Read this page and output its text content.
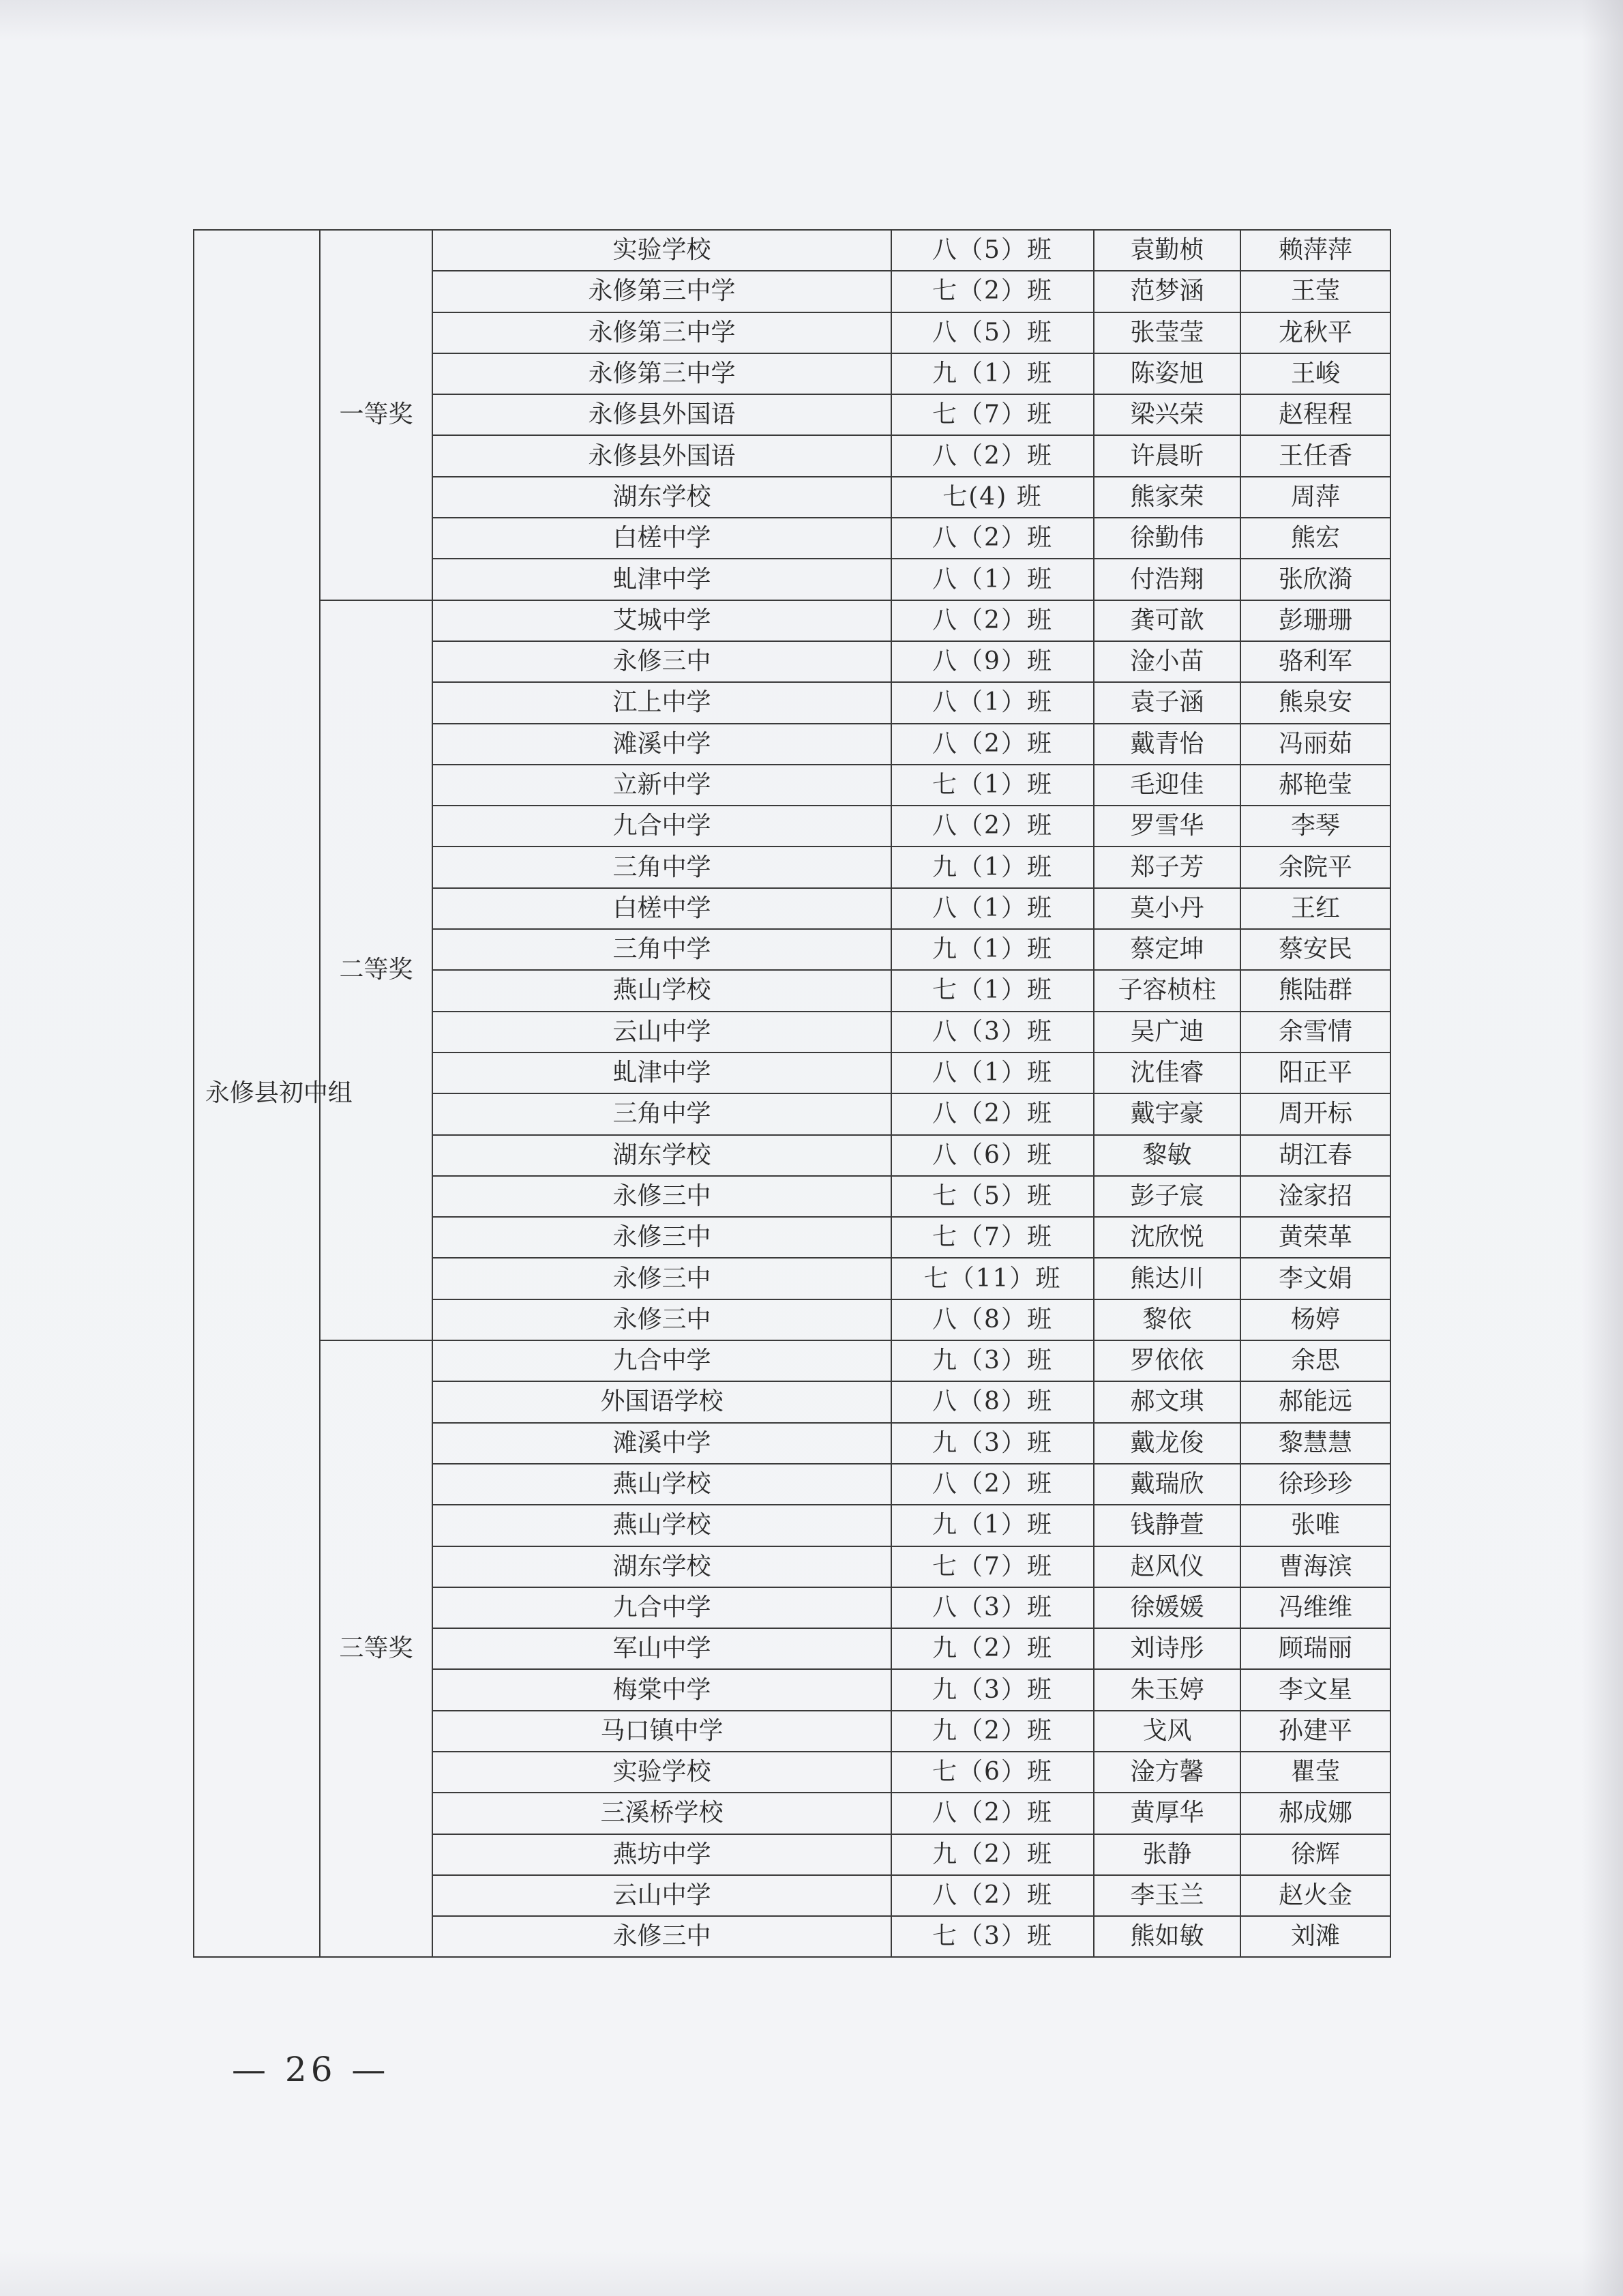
永修县初中组	一等奖	实验学校	八（5）班	袁勤桢	赖萍萍
		永修第三中学	七（2）班	范梦涵	王莹
		永修第三中学	八（5）班	张莹莹	龙秋平
		永修第三中学	九（1）班	陈姿旭	王峻
		永修县外国语	七（7）班	梁兴荣	赵程程
		永修县外国语	八（2）班	许晨昕	王任香
		湖东学校	七(4) 班	熊家荣	周萍
		白槎中学	八（2）班	徐勤伟	熊宏
		虬津中学	八（1）班	付浩翔	张欣漪
	二等奖	艾城中学	八（2）班	龚可歆	彭珊珊
		永修三中	八（9）班	淦小苗	骆利军
		江上中学	八（1）班	袁子涵	熊泉安
		滩溪中学	八（2）班	戴青怡	冯丽茹
		立新中学	七（1）班	毛迎佳	郝艳莹
		九合中学	八（2）班	罗雪华	李琴
		三角中学	九（1）班	郑子芳	余院平
		白槎中学	八（1）班	莫小丹	王红
		三角中学	九（1）班	蔡定坤	蔡安民
		燕山学校	七（1）班	子容桢柱	熊陆群
		云山中学	八（3）班	吴广迪	余雪情
		虬津中学	八（1）班	沈佳睿	阳正平
		三角中学	八（2）班	戴宇豪	周开标
		湖东学校	八（6）班	黎敏	胡江春
		永修三中	七（5）班	彭子宸	淦家招
		永修三中	七（7）班	沈欣悦	黄荣革
		永修三中	七（11）班	熊达川	李文娟
		永修三中	八（8）班	黎依	杨婷
	三等奖	九合中学	九（3）班	罗依依	余思
		外国语学校	八（8）班	郝文琪	郝能远
		滩溪中学	九（3）班	戴龙俊	黎慧慧
		燕山学校	八（2）班	戴瑞欣	徐珍珍
		燕山学校	九（1）班	钱静萱	张唯
		湖东学校	七（7）班	赵风仪	曹海滨
		九合中学	八（3）班	徐媛媛	冯维维
		军山中学	九（2）班	刘诗彤	顾瑞丽
		梅棠中学	九（3）班	朱玉婷	李文星
		马口镇中学	九（2）班	戈风	孙建平
		实验学校	七（6）班	淦方馨	瞿莹
		三溪桥学校	八（2）班	黄厚华	郝成娜
		燕坊中学	九（2）班	张静	徐辉
		云山中学	八（2）班	李玉兰	赵火金
		永修三中	七（3）班	熊如敏	刘滩
— 26 —
